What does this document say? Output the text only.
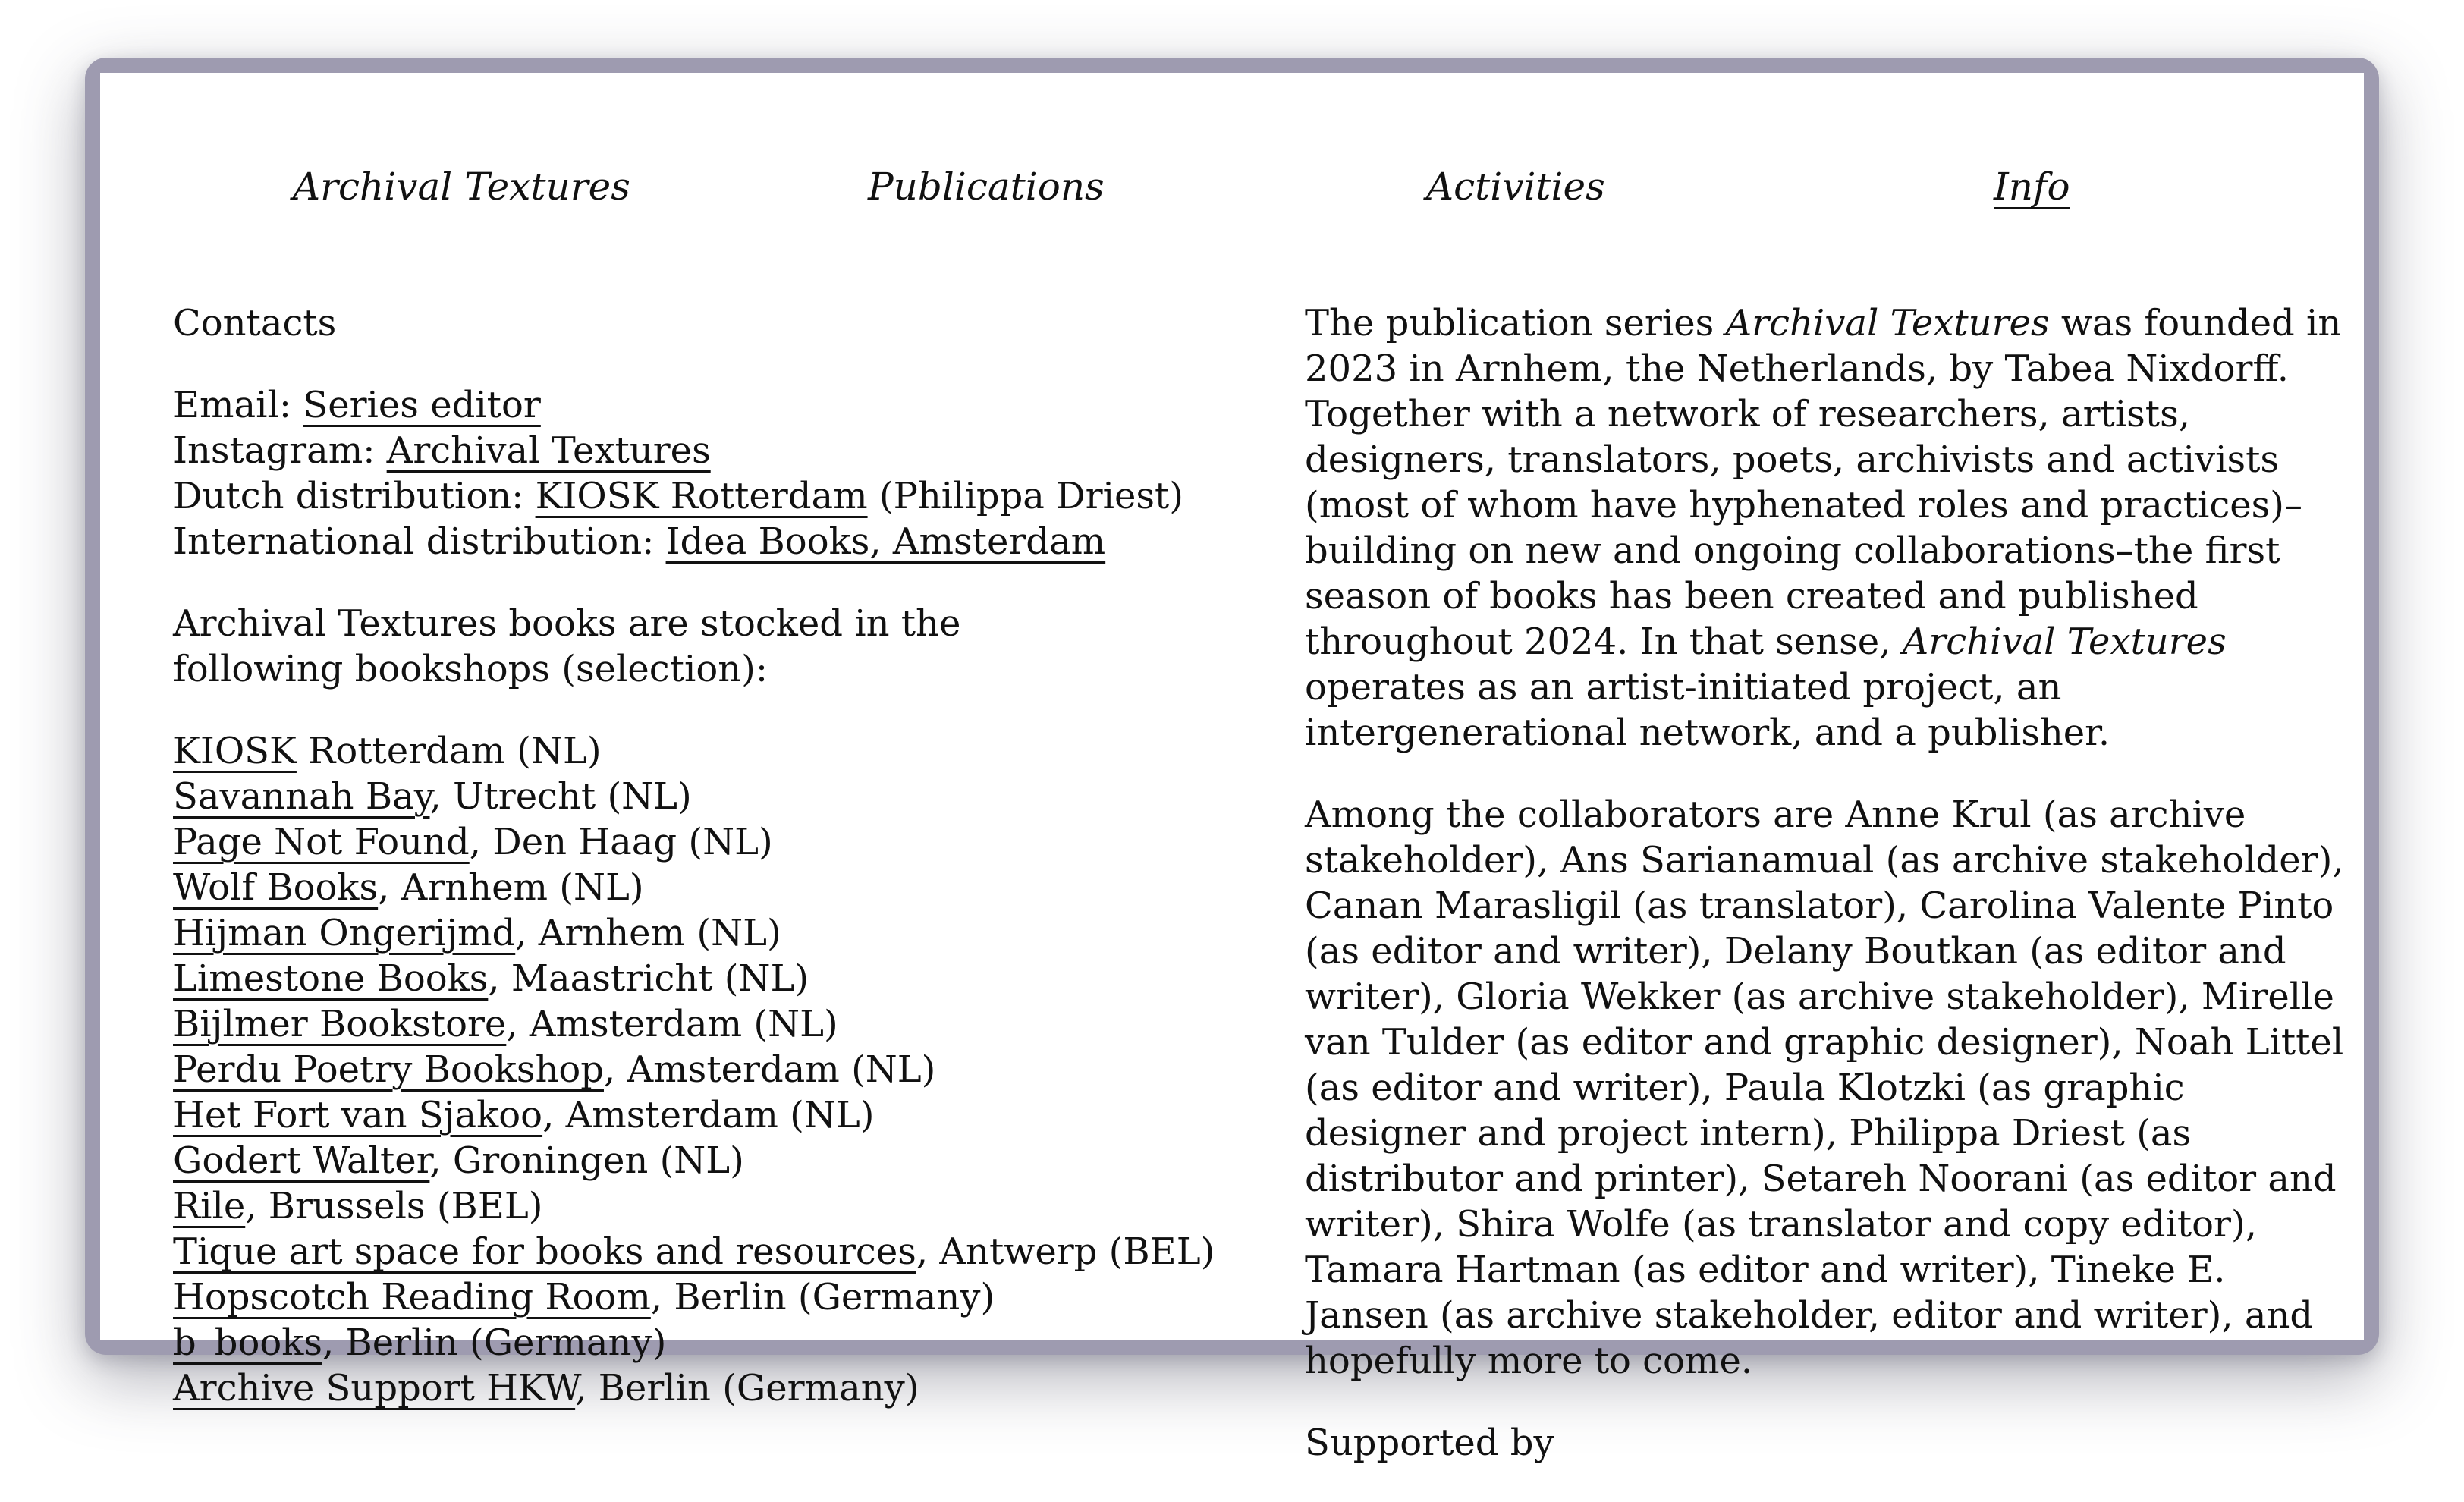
Archival Textures	Publications	Activities	Info

Contacts

Email: Series editor
Instagram: Archival Textures
Dutch distribution: KIOSK Rotterdam (Philippa Driest)
International distribution: Idea Books, Amsterdam

Archival Textures books are stocked in the following bookshops (selection):

KIOSK Rotterdam (NL)
Savannah Bay, Utrecht (NL)
Page Not Found, Den Haag (NL)
Wolf Books, Arnhem (NL)
Hijman Ongerijmd, Arnhem (NL)
Limestone Books, Maastricht (NL)
Bijlmer Bookstore, Amsterdam (NL)
Perdu Poetry Bookshop, Amsterdam (NL)
Het Fort van Sjakoo, Amsterdam (NL)
Godert Walter, Groningen (NL)
Rile, Brussels (BEL)
Tique art space for books and resources, Antwerp (BEL)
Hopscotch Reading Room, Berlin (Germany)
b_books, Berlin (Germany)
Archive Support HKW, Berlin (Germany)

The publication series Archival Textures was founded in 2023 in Arnhem, the Netherlands, by Tabea Nixdorff. Together with a network of researchers, artists, designers, translators, poets, archivists and activists (most of whom have hyphenated roles and practices)–building on new and ongoing collaborations–the first season of books has been created and published throughout 2024. In that sense, Archival Textures operates as an artist-initiated project, an intergenerational network, and a publisher.

Among the collaborators are Anne Krul (as archive stakeholder), Ans Sarianamual (as archive stakeholder), Canan Marasligil (as translator), Carolina Valente Pinto (as editor and writer), Delany Boutkan (as editor and writer), Gloria Wekker (as archive stakeholder), Mirelle van Tulder (as editor and graphic designer), Noah Littel (as editor and writer), Paula Klotzki (as graphic designer and project intern), Philippa Driest (as distributor and printer), Setareh Noorani (as editor and writer), Shira Wolfe (as translator and copy editor), Tamara Hartman (as editor and writer), Tineke E. Jansen (as archive stakeholder, editor and writer), and hopefully more to come.

Supported by
